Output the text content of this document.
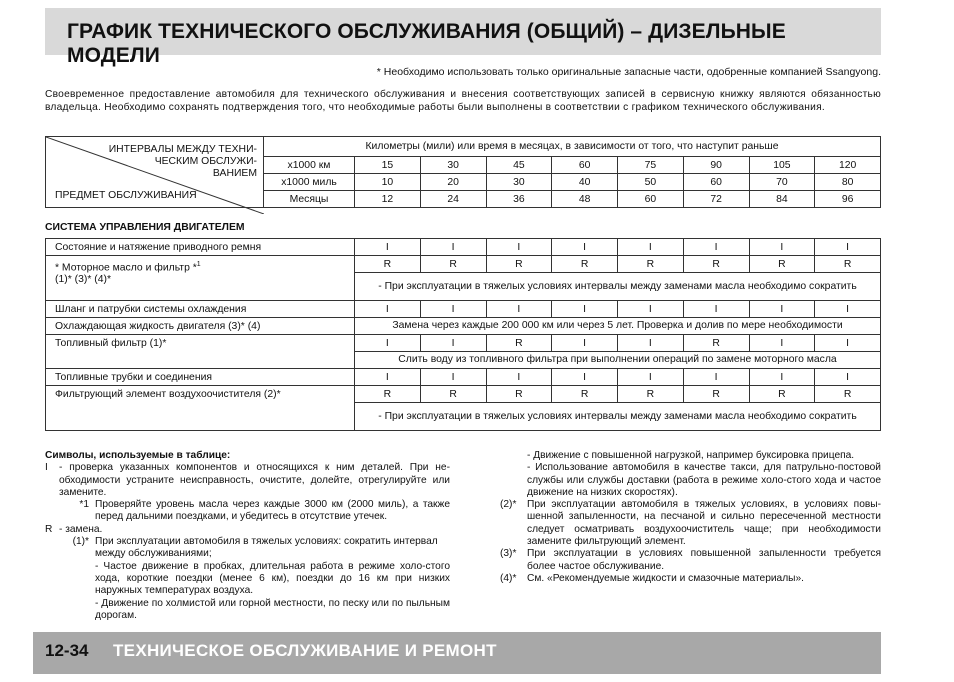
ГРАФИК ТЕХНИЧЕСКОГО ОБСЛУЖИВАНИЯ (ОБЩИЙ) – ДИЗЕЛЬНЫЕ МОДЕЛИ
* Необходимо использовать только оригинальные запасные части, одобренные компанией Ssangyong.
Своевременное предоставление автомобиля для технического обслуживания и внесения соответствующих записей в сервисную книжку являются обязанностью владельца. Необходимо сохранять подтверждения того, что необходимые работы были выполнены в соответствии с графиком технического обслуживания.
ИНТЕРВАЛЫ МЕЖДУ ТЕХНИ-
ЧЕСКИМ ОБСЛУЖИ-
ВАНИЕМ
ПРЕДМЕТ ОБСЛУЖИВАНИЯ	Километры (мили) или время в месяцах, в зависимости от того, что наступит раньше								
	x1000 км	15	30	45	60	75	90	105	120
	x1000 миль	10	20	30	40	50	60	70	80
	Месяцы	12	24	36	48	60	72	84	96
СИСТЕМА УПРАВЛЕНИЯ ДВИГАТЕЛЕМ
Состояние и натяжение приводного ремня	I	I	I	I	I	I	I	I
* Моторное масло и фильтр *$^1$
(1)* (3)* (4)*	R	R	R	R	R	R	R	R
	- При эксплуатации в тяжелых условиях интервалы между заменами масла необходимо сократить							
Шланг и патрубки системы охлаждения	I	I	I	I	I	I	I	I
Охлаждающая жидкость двигателя (3)* (4)	Замена через каждые 200 000 км или через 5 лет. Проверка и долив по мере необходимости							
Топливный фильтр (1)*	I	I	R	I	I	R	I	I
	Слить воду из топливного фильтра при выполнении операций по замене моторного масла							
Топливные трубки и соединения	I	I	I	I	I	I	I	I
Фильтрующий элемент воздухоочистителя (2)*	R	R	R	R	R	R	R	R
	- При эксплуатации в тяжелых условиях интервалы между заменами масла необходимо сократить							
Символы, используемые в таблице:
I	- проверка указанных компонентов и относящихся к ним деталей. При не-обходимости устраните неисправность, очистите, долейте, отрегулируйте или замените.
*1 Проверяйте уровень масла через каждые 3000 км (2000 миль), а также перед дальними поездками, и убедитесь в отсутствие утечек.
R - замена.
(1)* При эксплуатации автомобиля в тяжелых условиях: сократить интервал между обслуживаниями;
- Частое движение в пробках, длительная работа в режиме холо-стого хода, короткие поездки (менее 6 км), поездки до 16 км при низких наружных температурах воздуха.
- Движение по холмистой или горной местности, по песку или по пыльным дорогам.
- Движение с повышенной нагрузкой, например буксировка прицепа.
- Использование автомобиля в качестве такси, для патрульно-постовой службы или службы доставки (работа в режиме холо-стого хода и частое движение на низких скоростях).
(2)*	При эксплуатации автомобиля в тяжелых условиях, в условиях повы-шенной запыленности, на песчаной и сильно пересеченной местности следует осматривать воздухоочиститель чаще; при необходимости замените фильтрующий элемент.
(3)*	При эксплуатации в условиях повышенной запыленности требуется более частое обслуживание.
(4)*	См. «Рекомендуемые жидкости и смазочные материалы».
12-34 ТЕХНИЧЕСКОЕ ОБСЛУЖИВАНИЕ И РЕМОНТ
